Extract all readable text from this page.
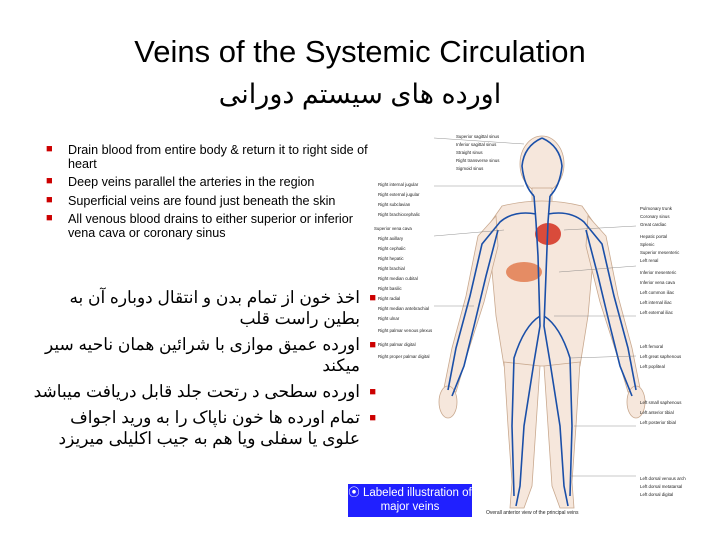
Veins of the Systemic Circulation
اورده های سیستم دورانی
■ Drain blood from entire body & return it to right side of heart
■ Deep veins parallel the arteries in the region
■ Superficial veins are found just beneath the skin
■ All venous blood drains to either superior or inferior vena cava or coronary sinus
■
اخذ خون از تمام بدن و انتقال دوباره آن به بطین راست قلب
■
اورده عمیق موازی با شرائین همان ناحیه سیر میکند
■
اورده سطحی د رتحت جلد قابل دریافت میباشد
■
تمام اورده ها خون ناپاک را به ورید اجواف علوی یا سفلی ویا هم به جیب اکلیلی میریزد
Superior sagittal sinus
Inferior sagittal sinus
Straight sinus
Right transverse sinus
Sigmoid sinus
Right internal jugular
Right external jugular
Right subclavian
Right brachiocephalic
Superior vena cava
Right axillary
Right cephalic
Right hepatic
Right brachial
Right median cubital
Right basilic
Right radial
Right median antebrachial
Right ulnar
Right palmar venous plexus
Right palmar digital
Right proper palmar digital
Pulmonary trunk
Coronary sinus
Great cardiac
Hepatic portal
Splenic
Superior mesenteric
Left renal
Inferior mesenteric
Inferior vena cava
Left common iliac
Left internal iliac
Left external iliac
Left femoral
Left great saphenous
Left popliteal
Left small saphenous
Left anterior tibial
Left posterior tibial
Left dorsal venous arch
Left dorsal metatarsal
Left dorsal digital
⦿ Labeled illustration of major veins	Overall anterior view of the principal veins
